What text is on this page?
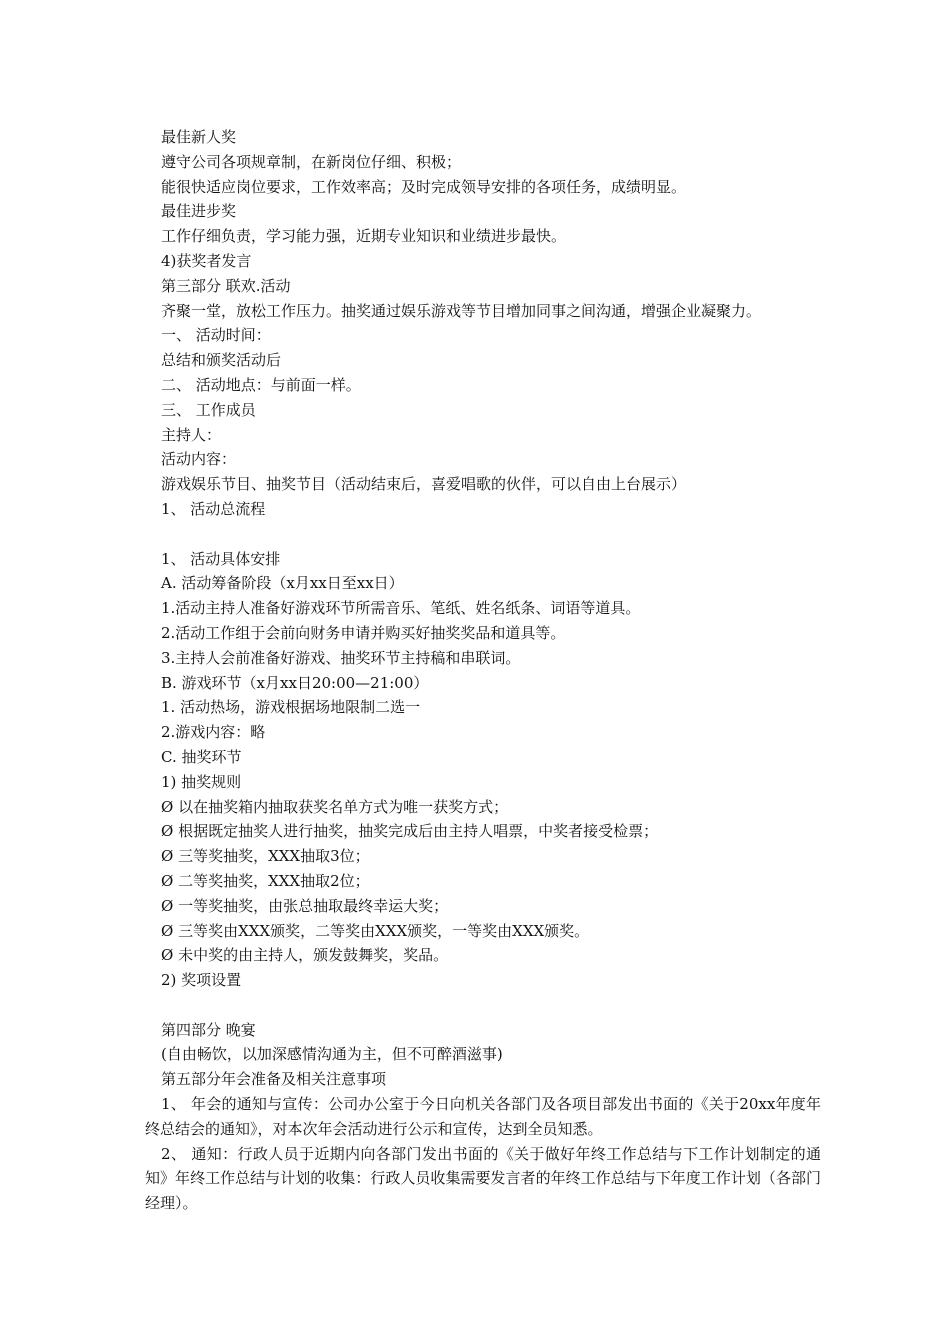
最佳新人奖
遵守公司各项规章制，在新岗位仔细、积极；
能很快适应岗位要求，工作效率高；及时完成领导安排的各项任务，成绩明显。
最佳进步奖
工作仔细负责，学习能力强，近期专业知识和业绩进步最快。
4)获奖者发言
第三部分 联欢.活动
齐聚一堂，放松工作压力。抽奖通过娱乐游戏等节目增加同事之间沟通，增强企业凝聚力。
一、 活动时间：
总结和颁奖活动后
二、 活动地点：与前面一样。
三、 工作成员
主持人：
活动内容：
游戏娱乐节目、抽奖节目（活动结束后，喜爱唱歌的伙伴，可以自由上台展示）
1、 活动总流程
1、 活动具体安排
A. 活动筹备阶段（x月xx日至xx日）
1.活动主持人准备好游戏环节所需音乐、笔纸、姓名纸条、词语等道具。
2.活动工作组于会前向财务申请并购买好抽奖奖品和道具等。
3.主持人会前准备好游戏、抽奖环节主持稿和串联词。
B. 游戏环节（x月xx日20:00—21:00）
1. 活动热场，游戏根据场地限制二选一
2.游戏内容：略
C. 抽奖环节
1) 抽奖规则
Ø 以在抽奖箱内抽取获奖名单方式为唯一获奖方式；
Ø 根据既定抽奖人进行抽奖，抽奖完成后由主持人唱票，中奖者接受检票；
Ø 三等奖抽奖，XXX抽取3位；
Ø 二等奖抽奖，XXX抽取2位；
Ø 一等奖抽奖，由张总抽取最终幸运大奖；
Ø 三等奖由XXX颁奖，二等奖由XXX颁奖，一等奖由XXX颁奖。
Ø 未中奖的由主持人，颁发鼓舞奖，奖品。
2) 奖项设置
第四部分 晚宴
(自由畅饮，以加深感情沟通为主，但不可醉酒滋事)
第五部分年会准备及相关注意事项
1、 年会的通知与宣传：公司办公室于今日向机关各部门及各项目部发出书面的《关于20xx年度年终总结会的通知》，对本次年会活动进行公示和宣传，达到全员知悉。
2、 通知：行政人员于近期内向各部门发出书面的《关于做好年终工作总结与下工作计划制定的通知》年终工作总结与计划的收集：行政人员收集需要发言者的年终工作总结与下年度工作计划（各部门经理）。
